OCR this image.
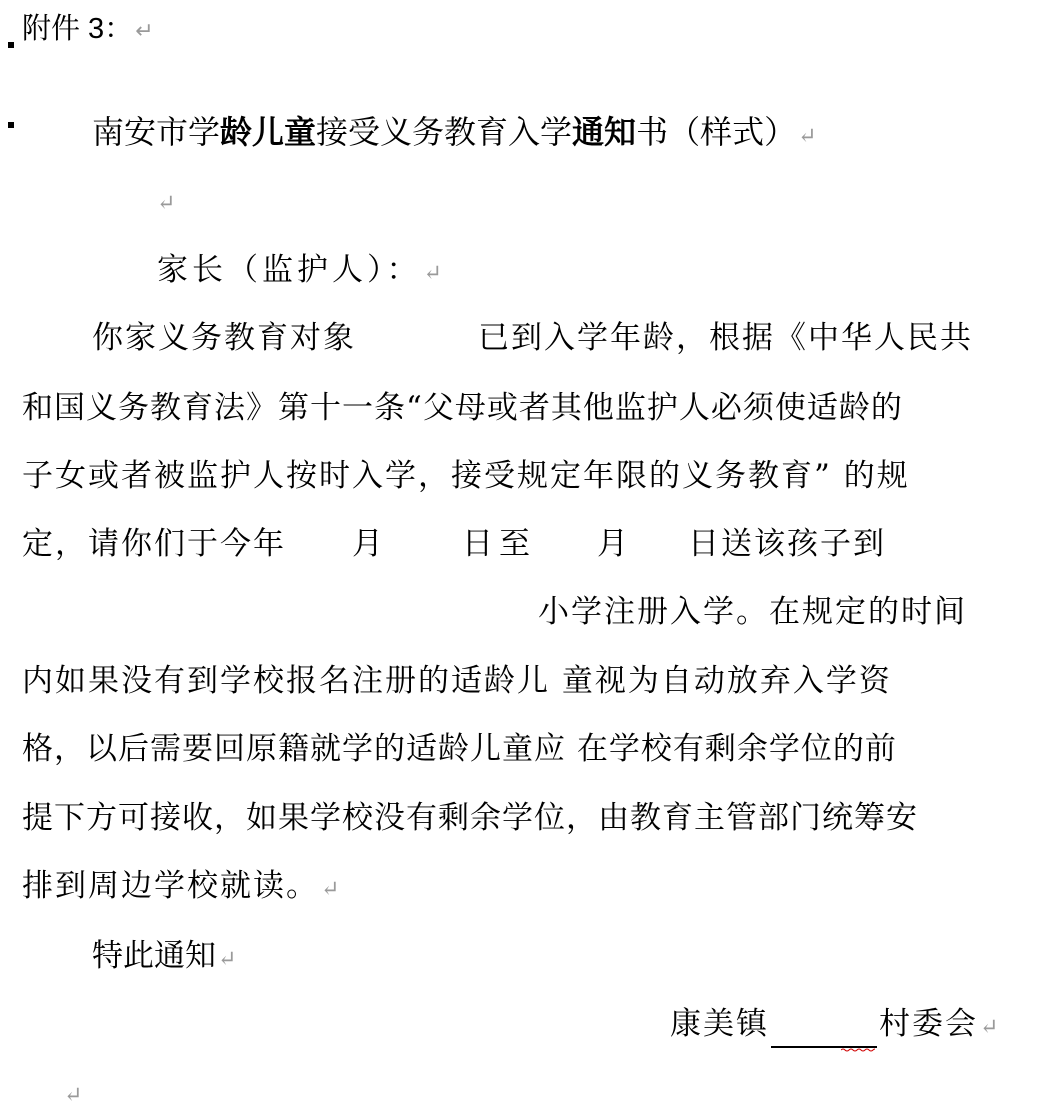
附件 3：↵
南安市学龄儿童接受义务教育入学通知书（样式）↵
↵
家长（监护人）：↵
你家义务教育对象	已到入学年龄，根据《中华人民共
和国义务教育法》第十一条“父母或者其他监护人必须使适龄的
子女或者被监护人按时入学，接受规定年限的义务教育” 的规
定，请你们于今年 月	日至 月 日送该孩子到
小学注册入学。在规定的时间
内如果没有到学校报名注册的适龄儿 童视为自动放弃入学资
格，以后需要回原籍就学的适龄儿童应 在学校有剩余学位的前
提下方可接收，如果学校没有剩余学位，由教育主管部门统筹安
排到周边学校就读。↵
特此通知↵
康美镇	村委会↵
↵
